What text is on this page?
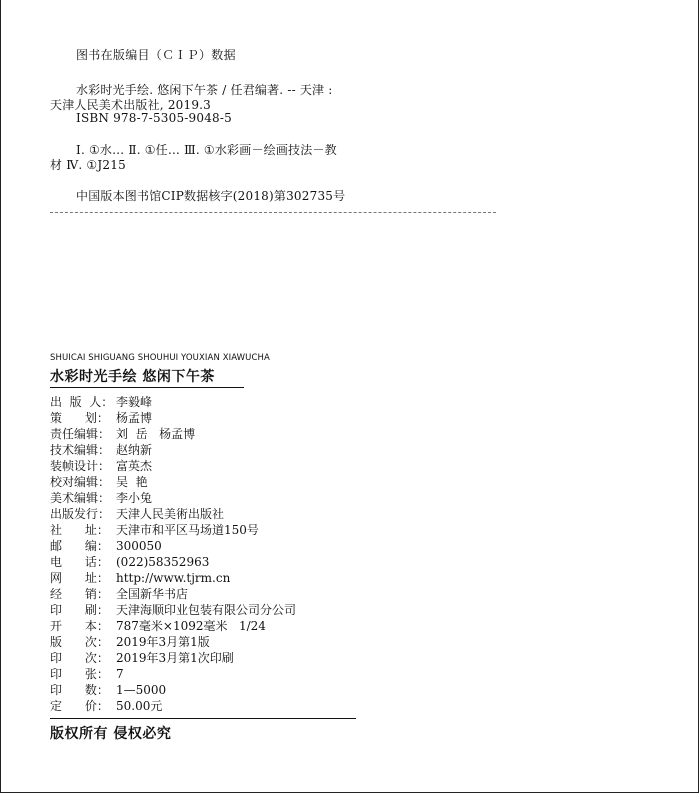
图书在版编目（ＣＩＰ）数据
水彩时光手绘. 悠闲下午茶 / 任君编著. -- 天津 :
天津人民美术出版社, 2019.3
ISBN 978-7-5305-9048-5
Ⅰ. ①水… Ⅱ. ①任… Ⅲ. ①水彩画－绘画技法－教
材 Ⅳ. ①J215
中国版本图书馆CIP数据核字(2018)第302735号
SHUICAI SHIGUANG SHOUHUI YOUXIAN XIAWUCHA
水彩时光手绘 悠闲下午茶
出  版  人： 李毅峰
策      划： 杨孟博
责任编辑： 刘  岳   杨孟博
技术编辑： 赵纳新
装帧设计： 富英杰
校对编辑： 吴  艳
美术编辑： 李小兔
出版发行： 天津人民美術出版社
社      址： 天津市和平区马场道150号
邮      编： 300050
电      话： (022)58352963
网      址： http://www.tjrm.cn
经      销： 全国新华书店
印      刷： 天津海顺印业包装有限公司分公司
开      本： 787毫米×1092毫米   1/24
版      次： 2019年3月第1版
印      次： 2019年3月第1次印刷
印      张： 7
印      数： 1—5000
定      价： 50.00元
版权所有 侵权必究
